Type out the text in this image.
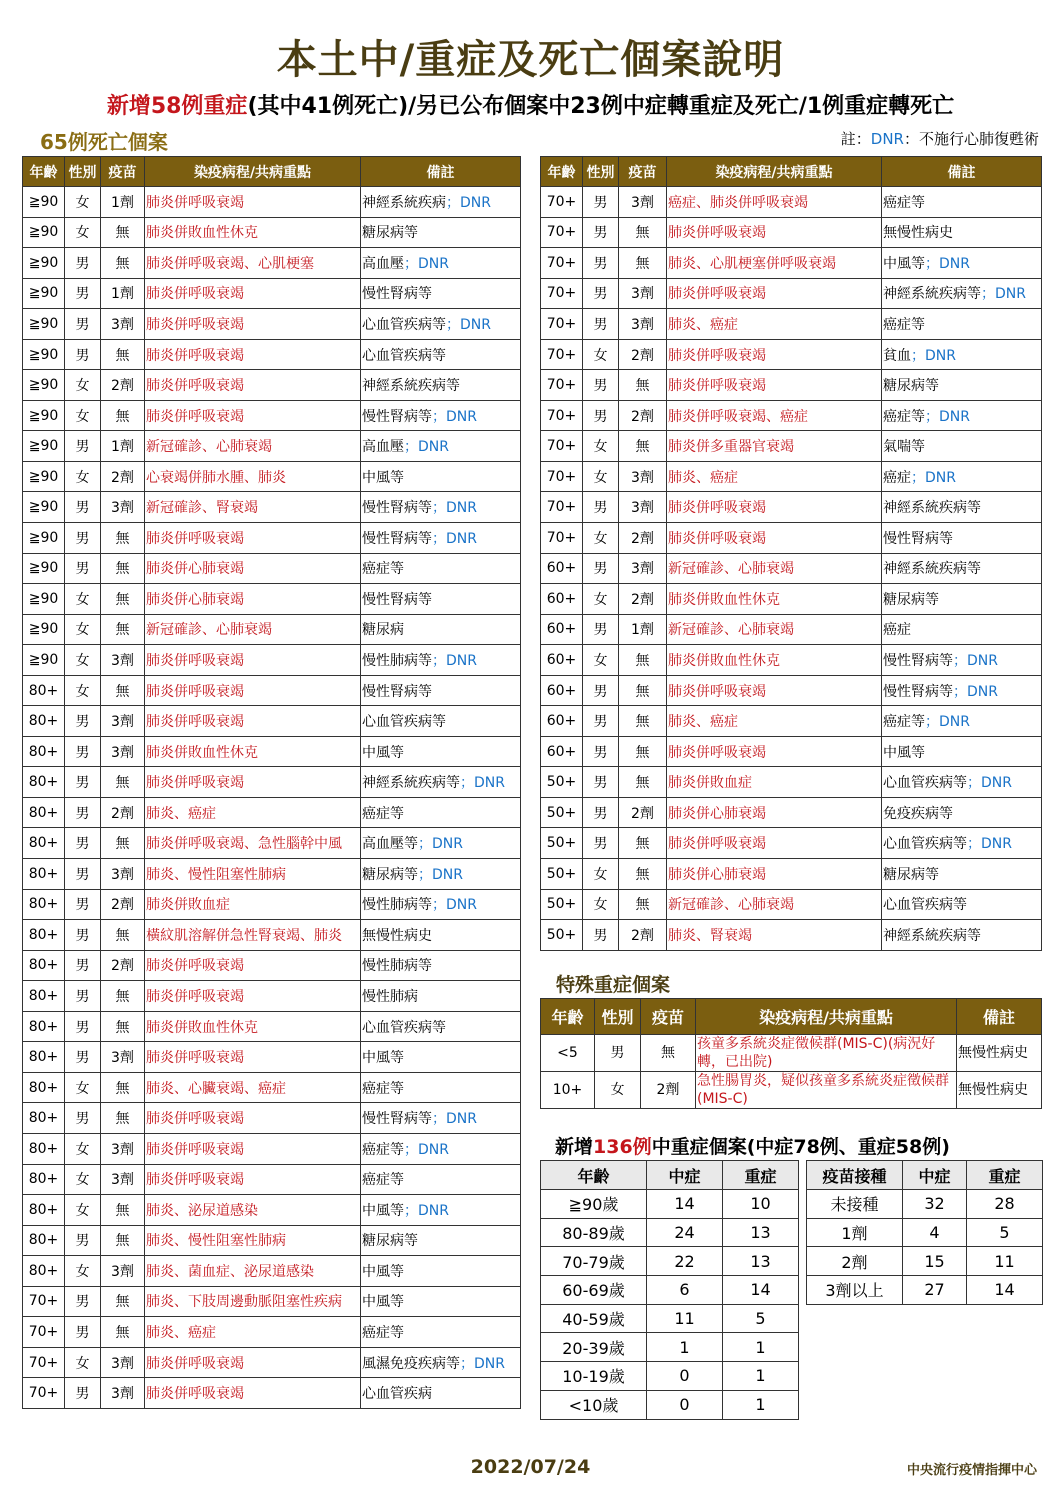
本土中/重症及死亡個案說明
新增58例重症(其中41例死亡)/另已公布個案中23例中症轉重症及死亡/1例重症轉死亡
65例死亡個案	註：DNR：不施行心肺復甦術
年齡	性別	疫苗	染疫病程/共病重點	備註
≧90	女	1劑	肺炎併呼吸衰竭	神經系統疾病；DNR
≧90	女	無	肺炎併敗血性休克	糖尿病等
≧90	男	無	肺炎併呼吸衰竭、心肌梗塞	高血壓；DNR
≧90	男	1劑	肺炎併呼吸衰竭	慢性腎病等
≧90	男	3劑	肺炎併呼吸衰竭	心血管疾病等；DNR
≧90	男	無	肺炎併呼吸衰竭	心血管疾病等
≧90	女	2劑	肺炎併呼吸衰竭	神經系統疾病等
≧90	女	無	肺炎併呼吸衰竭	慢性腎病等；DNR
≧90	男	1劑	新冠確診、心肺衰竭	高血壓；DNR
≧90	女	2劑	心衰竭併肺水腫、肺炎	中風等
≧90	男	3劑	新冠確診、腎衰竭	慢性腎病等；DNR
≧90	男	無	肺炎併呼吸衰竭	慢性腎病等；DNR
≧90	男	無	肺炎併心肺衰竭	癌症等
≧90	女	無	肺炎併心肺衰竭	慢性腎病等
≧90	女	無	新冠確診、心肺衰竭	糖尿病
≧90	女	3劑	肺炎併呼吸衰竭	慢性肺病等；DNR
80+	女	無	肺炎併呼吸衰竭	慢性腎病等
80+	男	3劑	肺炎併呼吸衰竭	心血管疾病等
80+	男	3劑	肺炎併敗血性休克	中風等
80+	男	無	肺炎併呼吸衰竭	神經系統疾病等；DNR
80+	男	2劑	肺炎、癌症	癌症等
80+	男	無	肺炎併呼吸衰竭、急性腦幹中風	高血壓等；DNR
80+	男	3劑	肺炎、慢性阻塞性肺病	糖尿病等；DNR
80+	男	2劑	肺炎併敗血症	慢性肺病等；DNR
80+	男	無	橫紋肌溶解併急性腎衰竭、肺炎	無慢性病史
80+	男	2劑	肺炎併呼吸衰竭	慢性肺病等
80+	男	無	肺炎併呼吸衰竭	慢性肺病
80+	男	無	肺炎併敗血性休克	心血管疾病等
80+	男	3劑	肺炎併呼吸衰竭	中風等
80+	女	無	肺炎、心臟衰竭、癌症	癌症等
80+	男	無	肺炎併呼吸衰竭	慢性腎病等；DNR
80+	女	3劑	肺炎併呼吸衰竭	癌症等；DNR
80+	女	3劑	肺炎併呼吸衰竭	癌症等
80+	女	無	肺炎、泌尿道感染	中風等；DNR
80+	男	無	肺炎、慢性阻塞性肺病	糖尿病等
80+	女	3劑	肺炎、菌血症、泌尿道感染	中風等
70+	男	無	肺炎、下肢周邊動脈阻塞性疾病	中風等
70+	男	無	肺炎、癌症	癌症等
70+	女	3劑	肺炎併呼吸衰竭	風濕免疫疾病等；DNR
70+	男	3劑	肺炎併呼吸衰竭	心血管疾病
年齡	性別	疫苗	染疫病程/共病重點	備註
70+	男	3劑	癌症、肺炎併呼吸衰竭	癌症等
70+	男	無	肺炎併呼吸衰竭	無慢性病史
70+	男	無	肺炎、心肌梗塞併呼吸衰竭	中風等；DNR
70+	男	3劑	肺炎併呼吸衰竭	神經系統疾病等；DNR
70+	男	3劑	肺炎、癌症	癌症等
70+	女	2劑	肺炎併呼吸衰竭	貧血；DNR
70+	男	無	肺炎併呼吸衰竭	糖尿病等
70+	男	2劑	肺炎併呼吸衰竭、癌症	癌症等；DNR
70+	女	無	肺炎併多重器官衰竭	氣喘等
70+	女	3劑	肺炎、癌症	癌症；DNR
70+	男	3劑	肺炎併呼吸衰竭	神經系統疾病等
70+	女	2劑	肺炎併呼吸衰竭	慢性腎病等
60+	男	3劑	新冠確診、心肺衰竭	神經系統疾病等
60+	女	2劑	肺炎併敗血性休克	糖尿病等
60+	男	1劑	新冠確診、心肺衰竭	癌症
60+	女	無	肺炎併敗血性休克	慢性腎病等；DNR
60+	男	無	肺炎併呼吸衰竭	慢性腎病等；DNR
60+	男	無	肺炎、癌症	癌症等；DNR
60+	男	無	肺炎併呼吸衰竭	中風等
50+	男	無	肺炎併敗血症	心血管疾病等；DNR
50+	男	2劑	肺炎併心肺衰竭	免疫疾病等
50+	男	無	肺炎併呼吸衰竭	心血管疾病等；DNR
50+	女	無	肺炎併心肺衰竭	糖尿病等
50+	女	無	新冠確診、心肺衰竭	心血管疾病等
50+	男	2劑	肺炎、腎衰竭	神經系統疾病等
特殊重症個案
年齡	性別	疫苗	染疫病程/共病重點	備註
<5	男	無	孩童多系統炎症徵候群(MIS-C)(病況好轉，已出院)	無慢性病史
10+	女	2劑	急性腸胃炎，疑似孩童多系統炎症徵候群(MIS-C)	無慢性病史
新增136例中重症個案(中症78例、重症58例)
年齡	中症	重症
≧90歲	14	10
80-89歲	24	13
70-79歲	22	13
60-69歲	6	14
40-59歲	11	5
20-39歲	1	1
10-19歲	0	1
<10歲	0	1
疫苗接種	中症	重症
未接種	32	28
1劑	4	5
2劑	15	11
3劑以上	27	14
2022/07/24	中央流行疫情指揮中心
